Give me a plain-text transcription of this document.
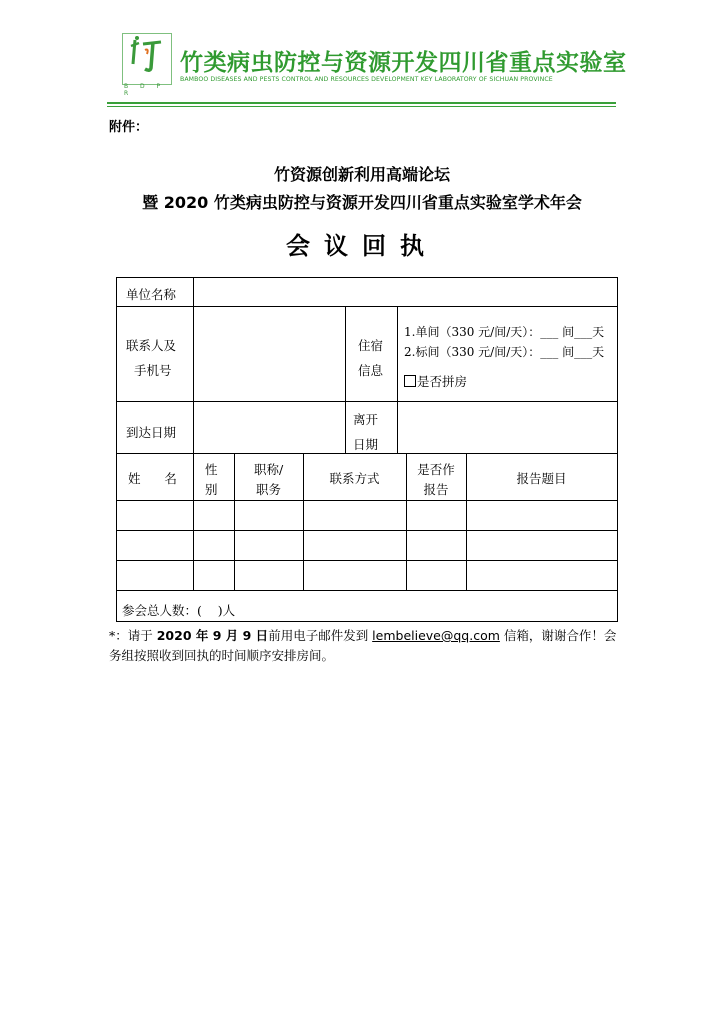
B D P R
竹类病虫防控与资源开发四川省重点实验室
BAMBOO DISEASES AND PESTS CONTROL AND RESOURCES DEVELOPMENT KEY LABORATORY OF SICHUAN PROVINCE
附件：
竹资源创新利用高端论坛
暨 2020 竹类病虫防控与资源开发四川省重点实验室学术年会
会议回执
单位名称
联系人及
手机号
住宿
信息
1.单间（330 元/间/天）：___ 间___天
2.标间（330 元/间/天）：___ 间___天
是否拼房
到达日期
离开
日期
姓      名
性
别
职称/
职务
联系方式
是否作
报告
报告题目
参会总人数：(    )人
*：请于 2020 年 9 月 9 日前用电子邮件发到 lembelieve@qq.com 信箱，谢谢合作！会务组按照收到回执的时间顺序安排房间。
